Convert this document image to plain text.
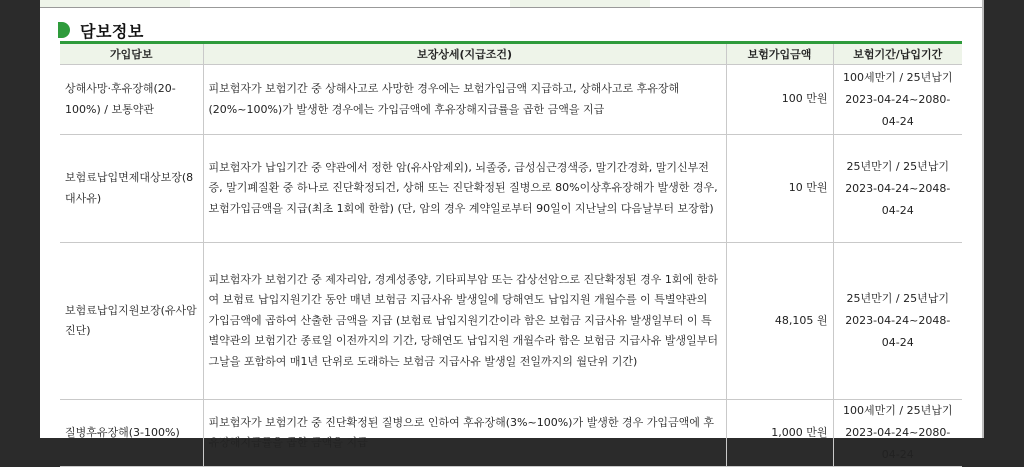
담보정보
가입담보	보장상세(지급조건)	보험가입금액	보험기간/납입기간
상해사망·후유장해(20-100%) / 보통약관	피보험자가 보험기간 중 상해사고로 사망한 경우에는 보험가입금액 지급하고, 상해사고로 후유장해(20%~100%)가 발생한 경우에는 가입금액에 후유장해지급률을 곱한 금액을 지급	100 만원	100세만기 / 25년납기
2023-04-24~2080-04-24

보험료납입면제대상보장(8대사유)	피보험자가 납입기간 중 약관에서 정한 암(유사암제외), 뇌졸중, 급성심근경색증, 말기간경화, 말기신부전증, 말기폐질환 중 하나로 진단확정되건, 상해 또는 진단확정된 질병으로 80%이상후유장해가 발생한 경우, 보험가입금액을 지급(최초 1회에 한함) (단, 암의 경우 계약일로부터 90일이 지난날의 다음날부터 보장함)	10 만원	25년만기 / 25년납기
2023-04-24~2048-04-24

보험료납입지원보장(유사암진단)	피보험자가 보험기간 중 제자리암, 경계성종양, 기타피부암 또는 갑상선암으로 진단확정된 경우 1회에 한하여 보험료 납입지원기간 동안 매년 보험금 지급사유 발생일에 당해연도 납입지원 개월수를 이 특별약관의 가입금액에 곱하여 산출한 금액을 지급 (보험료 납입지원기간이라 함은 보험금 지급사유 발생일부터 이 특별약관의 보험기간 종료일 이전까지의 기간, 당해연도 납입지원 개월수라 함은 보험금 지급사유 발생일부터 그날을 포함하여 매1년 단위로 도래하는 보험금 지급사유 발생일 전일까지의 월단위 기간)	48,105 원	25년만기 / 25년납기
2023-04-24~2048-04-24

질병후유장해(3-100%)	피보험자가 보험기간 중 진단확정된 질병으로 인하여 후유장해(3%~100%)가 발생한 경우 가입금액에 후유장해지급률을 곱한 금액을 지급	1,000 만원	100세만기 / 25년납기
2023-04-24~2080-04-24
